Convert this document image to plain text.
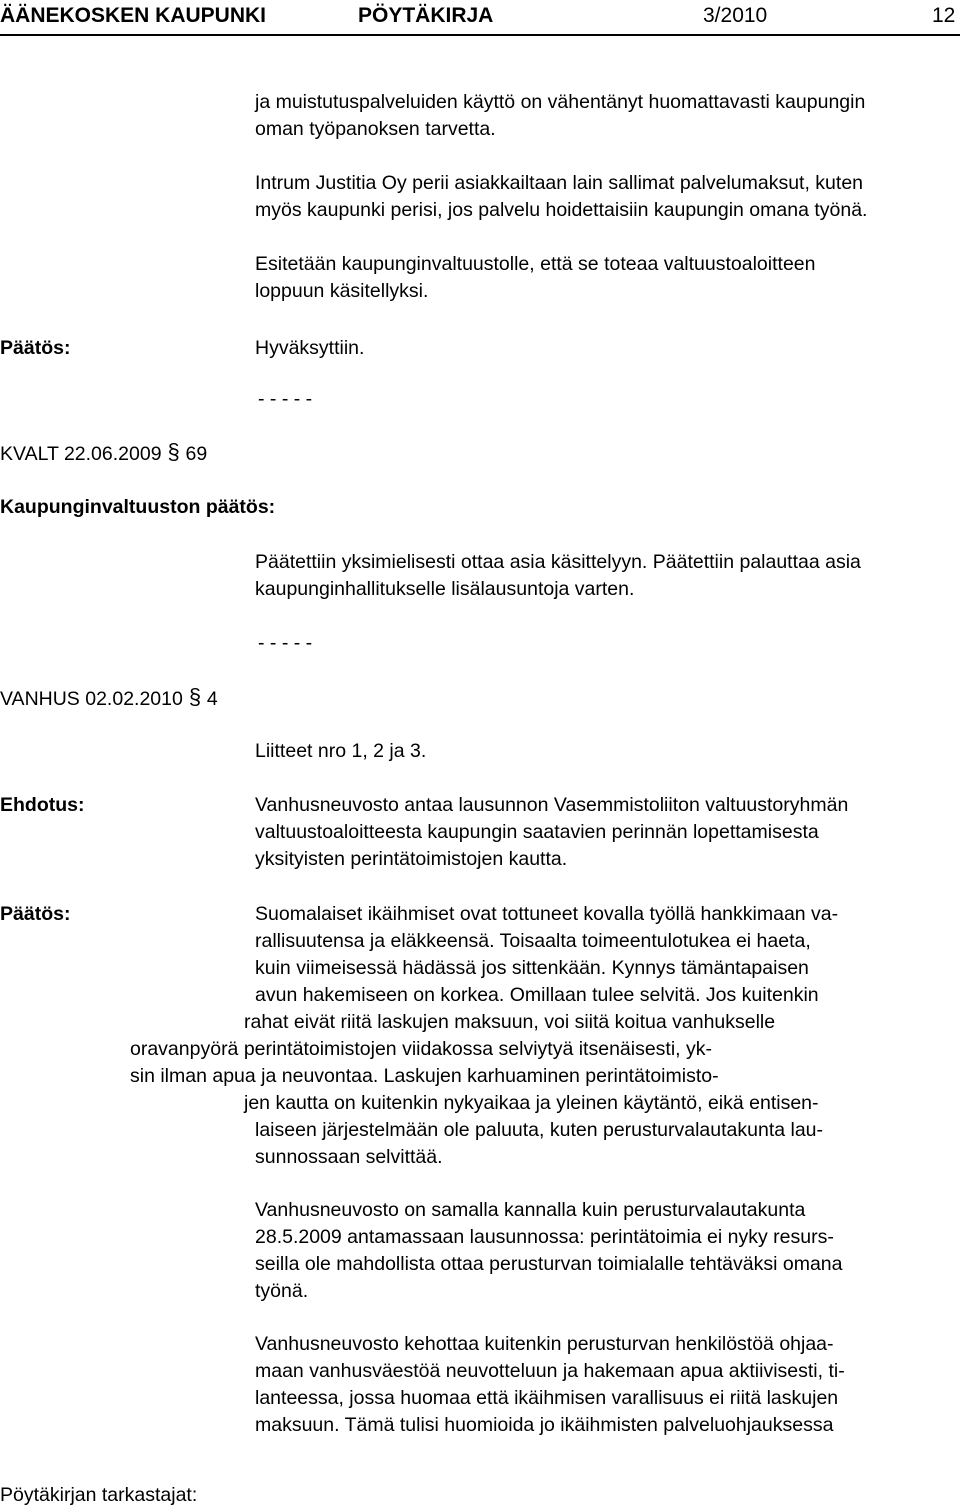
ÄÄNEKOSKEN KAUPUNKI	PÖYTÄKIRJA	3/2010	12
ja muistutuspalveluiden käyttö on vähentänyt huomattavasti kaupungin
oman työpanoksen tarvetta.
Intrum Justitia Oy perii asiakkailtaan lain sallimat palvelumaksut, kuten
myös kaupunki perisi, jos palvelu hoidettaisiin kaupungin omana työnä.
Esitetään kaupunginvaltuustolle, että se toteaa valtuustoaloitteen
loppuun käsitellyksi.
Päätös:	Hyväksyttiin.
- - - - -
KVALT 22.06.2009 § 69
Kaupunginvaltuuston päätös:
Päätettiin yksimielisesti ottaa asia käsittelyyn. Päätettiin palauttaa asia
kaupunginhallitukselle lisälausuntoja varten.
- - - - -
VANHUS 02.02.2010 § 4
Liitteet nro 1, 2 ja 3.
Ehdotus:	Vanhusneuvosto antaa lausunnon Vasemmistoliiton valtuustoryhmän
valtuustoaloitteesta kaupungin saatavien perinnän lopettamisesta
yksityisten perintätoimistojen kautta.
Päätös:	Suomalaiset ikäihmiset ovat tottuneet kovalla työllä hankkimaan va-
rallisuutensa ja eläkkeensä. Toisaalta toimeentulotukea ei haeta,
kuin viimeisessä hädässä jos sittenkään. Kynnys tämäntapaisen
avun hakemiseen on korkea. Omillaan tulee selvitä. Jos kuitenkin
rahat eivät riitä laskujen maksuun, voi siitä koitua vanhukselle
oravanpyörä perintätoimistojen viidakossa selviytyä itsenäisesti, yk-
sin ilman apua ja neuvontaa. Laskujen karhuaminen perintätoimisto-
jen kautta on kuitenkin nykyaikaa ja yleinen käytäntö, eikä entisen-
laiseen järjestelmään ole paluuta, kuten perusturvalautakunta lau-
sunnossaan selvittää.
Vanhusneuvosto on samalla kannalla kuin perusturvalautakunta
28.5.2009 antamassaan lausunnossa: perintätoimia ei nyky resurs-
seilla ole mahdollista ottaa perusturvan toimialalle tehtäväksi omana
työnä.
Vanhusneuvosto kehottaa kuitenkin perusturvan henkilöstöä ohjaa-
maan vanhusväestöä neuvotteluun ja hakemaan apua aktiivisesti, ti-
lanteessa, jossa huomaa että ikäihmisen varallisuus ei riitä laskujen
maksuun. Tämä tulisi huomioida jo ikäihmisten palveluohjauksessa
Pöytäkirjan tarkastajat:
